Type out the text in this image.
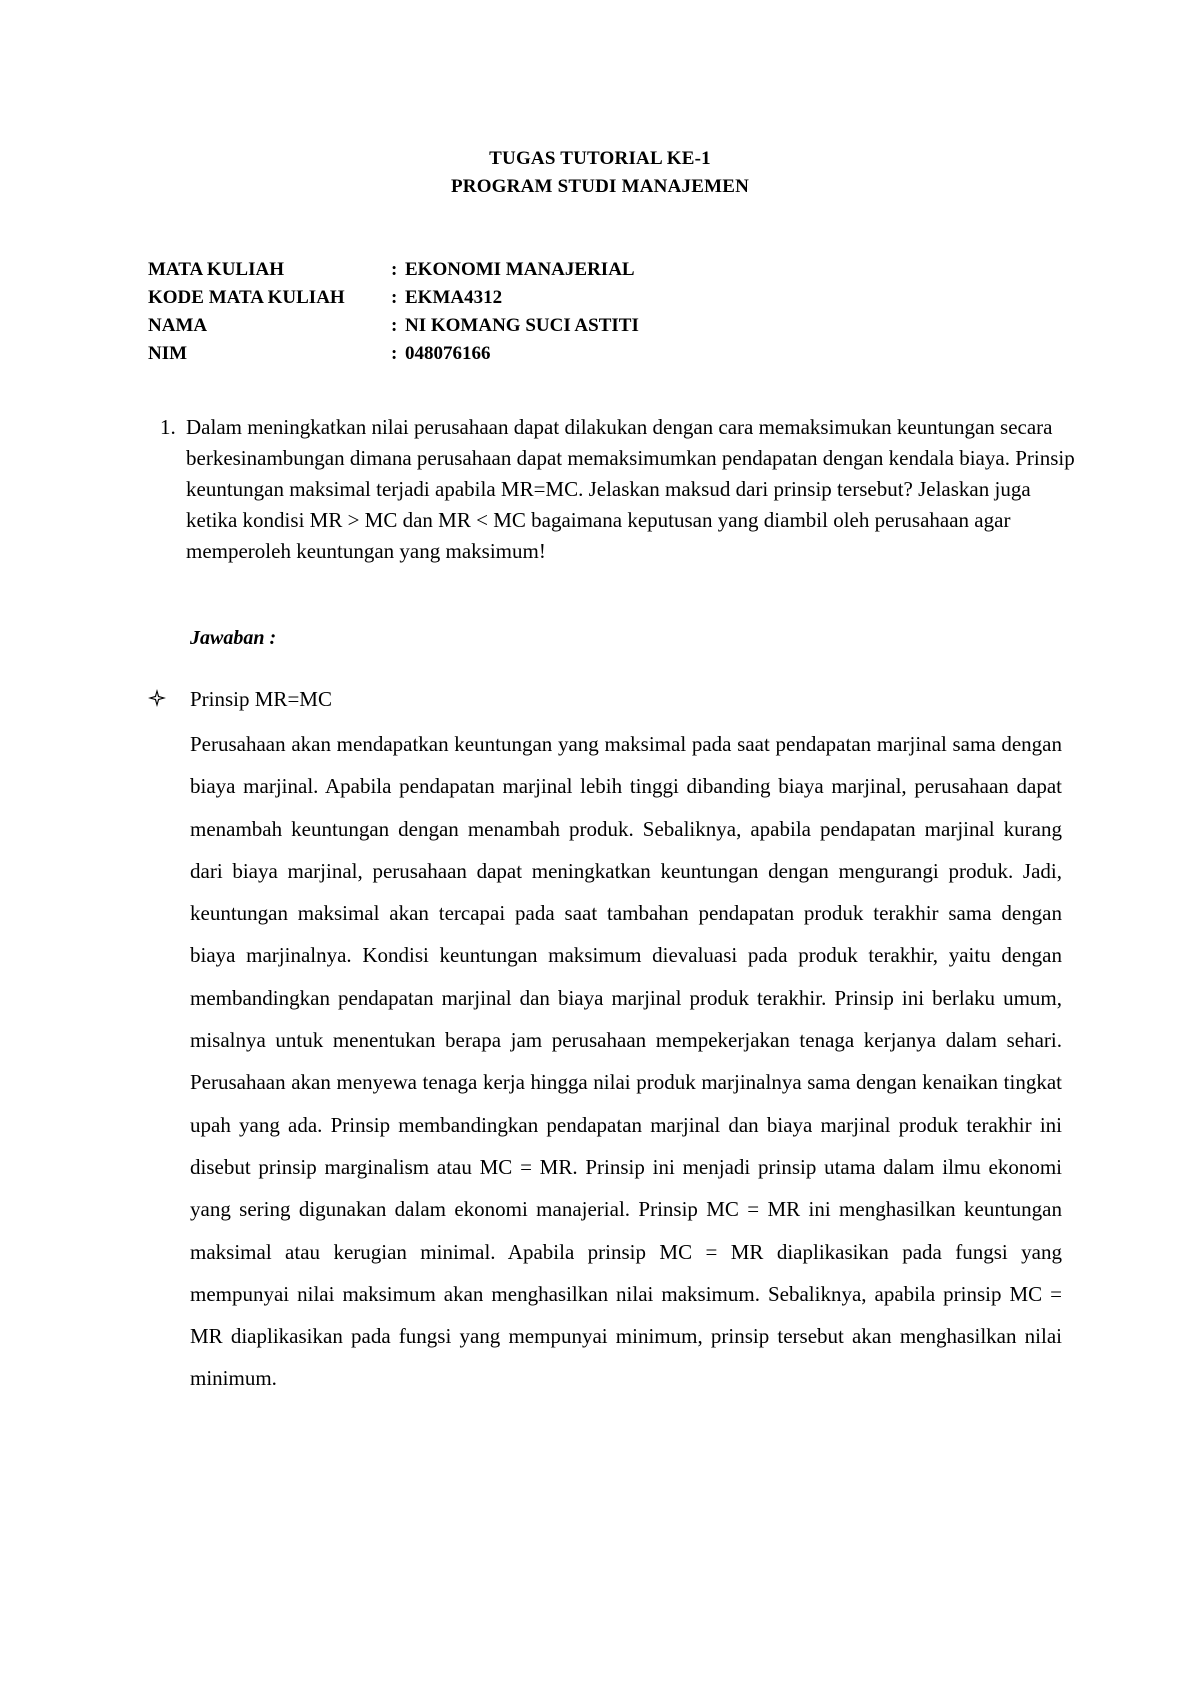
TUGAS TUTORIAL KE-1
PROGRAM STUDI MANAJEMEN
MATA KULIAH	: EKONOMI MANAJERIAL
KODE MATA KULIAH	: EKMA4312
NAMA	: NI KOMANG SUCI ASTITI
NIM	: 048076166
1. Dalam meningkatkan nilai perusahaan dapat dilakukan dengan cara memaksimukan keuntungan secara berkesinambungan dimana perusahaan dapat memaksimumkan pendapatan dengan kendala biaya. Prinsip keuntungan maksimal terjadi apabila MR=MC. Jelaskan maksud dari prinsip tersebut? Jelaskan juga ketika kondisi MR > MC dan MR < MC bagaimana keputusan yang diambil oleh perusahaan agar memperoleh keuntungan yang maksimum!
Jawaban :
Prinsip MR=MC
Perusahaan akan mendapatkan keuntungan yang maksimal pada saat pendapatan marjinal sama dengan biaya marjinal. Apabila pendapatan marjinal lebih tinggi dibanding biaya marjinal, perusahaan dapat menambah keuntungan dengan menambah produk. Sebaliknya, apabila pendapatan marjinal kurang dari biaya marjinal, perusahaan dapat meningkatkan keuntungan dengan mengurangi produk. Jadi, keuntungan maksimal akan tercapai pada saat tambahan pendapatan produk terakhir sama dengan biaya marjinalnya. Kondisi keuntungan maksimum dievaluasi pada produk terakhir, yaitu dengan membandingkan pendapatan marjinal dan biaya marjinal produk terakhir. Prinsip ini berlaku umum, misalnya untuk menentukan berapa jam perusahaan mempekerjakan tenaga kerjanya dalam sehari. Perusahaan akan menyewa tenaga kerja hingga nilai produk marjinalnya sama dengan kenaikan tingkat upah yang ada. Prinsip membandingkan pendapatan marjinal dan biaya marjinal produk terakhir ini disebut prinsip marginalism atau MC = MR. Prinsip ini menjadi prinsip utama dalam ilmu ekonomi yang sering digunakan dalam ekonomi manajerial. Prinsip MC = MR ini menghasilkan keuntungan maksimal atau kerugian minimal. Apabila prinsip MC = MR diaplikasikan pada fungsi yang mempunyai nilai maksimum akan menghasilkan nilai maksimum. Sebaliknya, apabila prinsip MC = MR diaplikasikan pada fungsi yang mempunyai minimum, prinsip tersebut akan menghasilkan nilai minimum.
